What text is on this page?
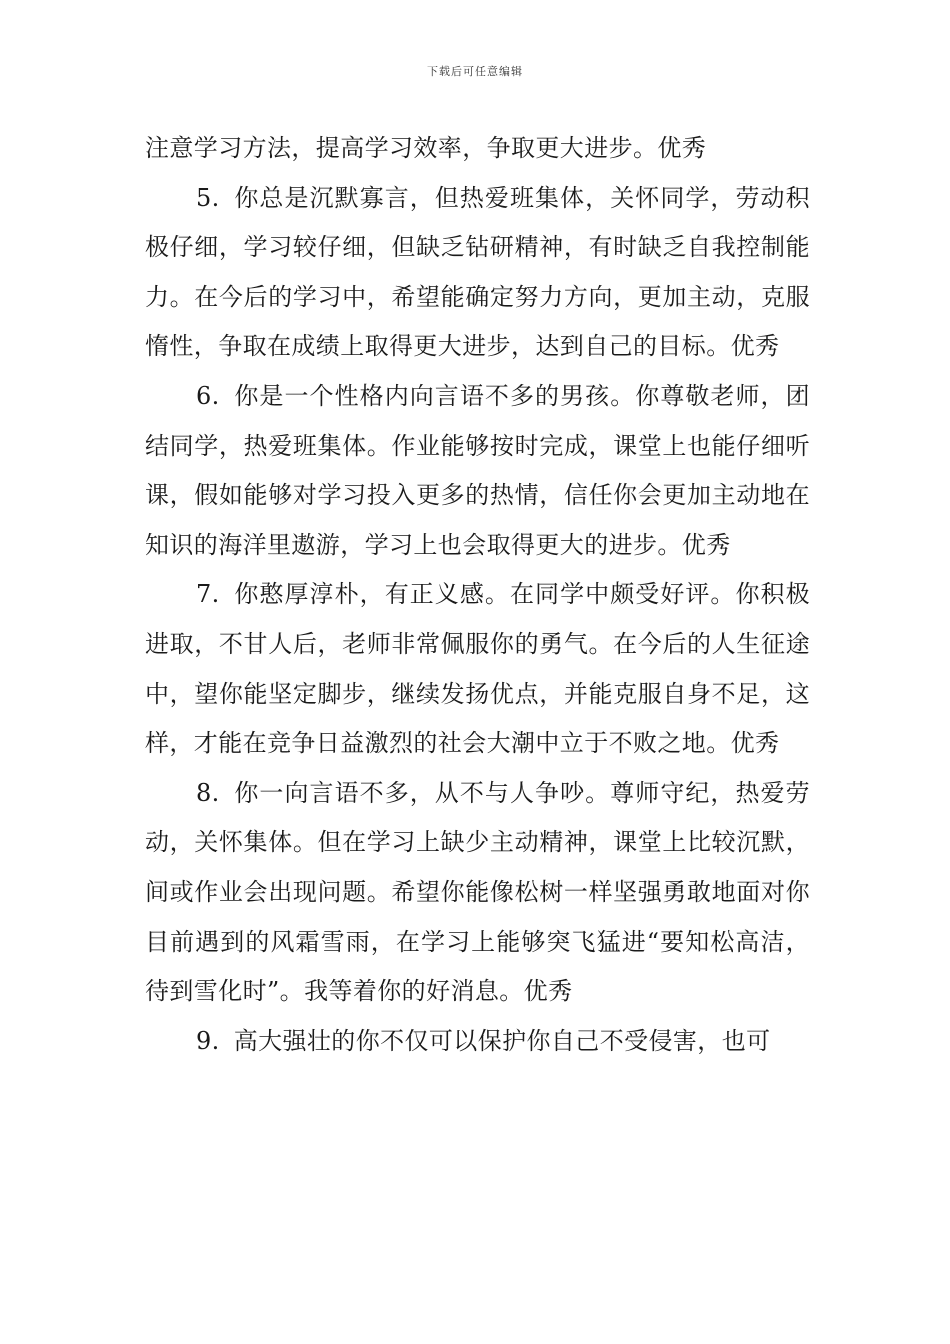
下载后可任意编辑

注意学习方法，提高学习效率，争取更大进步。优秀

5. 你总是沉默寡言，但热爱班集体，关怀同学，劳动积极仔细，学习较仔细，但缺乏钻研精神，有时缺乏自我控制能力。在今后的学习中，希望能确定努力方向，更加主动，克服惰性，争取在成绩上取得更大进步，达到自己的目标。优秀

6. 你是一个性格内向言语不多的男孩。你尊敬老师，团结同学，热爱班集体。作业能够按时完成，课堂上也能仔细听课，假如能够对学习投入更多的热情，信任你会更加主动地在知识的海洋里遨游，学习上也会取得更大的进步。优秀

7. 你憨厚淳朴，有正义感。在同学中颇受好评。你积极进取，不甘人后，老师非常佩服你的勇气。在今后的人生征途中，望你能坚定脚步，继续发扬优点，并能克服自身不足，这样，才能在竞争日益激烈的社会大潮中立于不败之地。优秀

8. 你一向言语不多，从不与人争吵。尊师守纪，热爱劳动，关怀集体。但在学习上缺少主动精神，课堂上比较沉默，间或作业会出现问题。希望你能像松树一样坚强勇敢地面对你目前遇到的风霜雪雨，在学习上能够突飞猛进“要知松高洁，待到雪化时”。我等着你的好消息。优秀

9. 高大强壮的你不仅可以保护你自己不受侵害，也可
